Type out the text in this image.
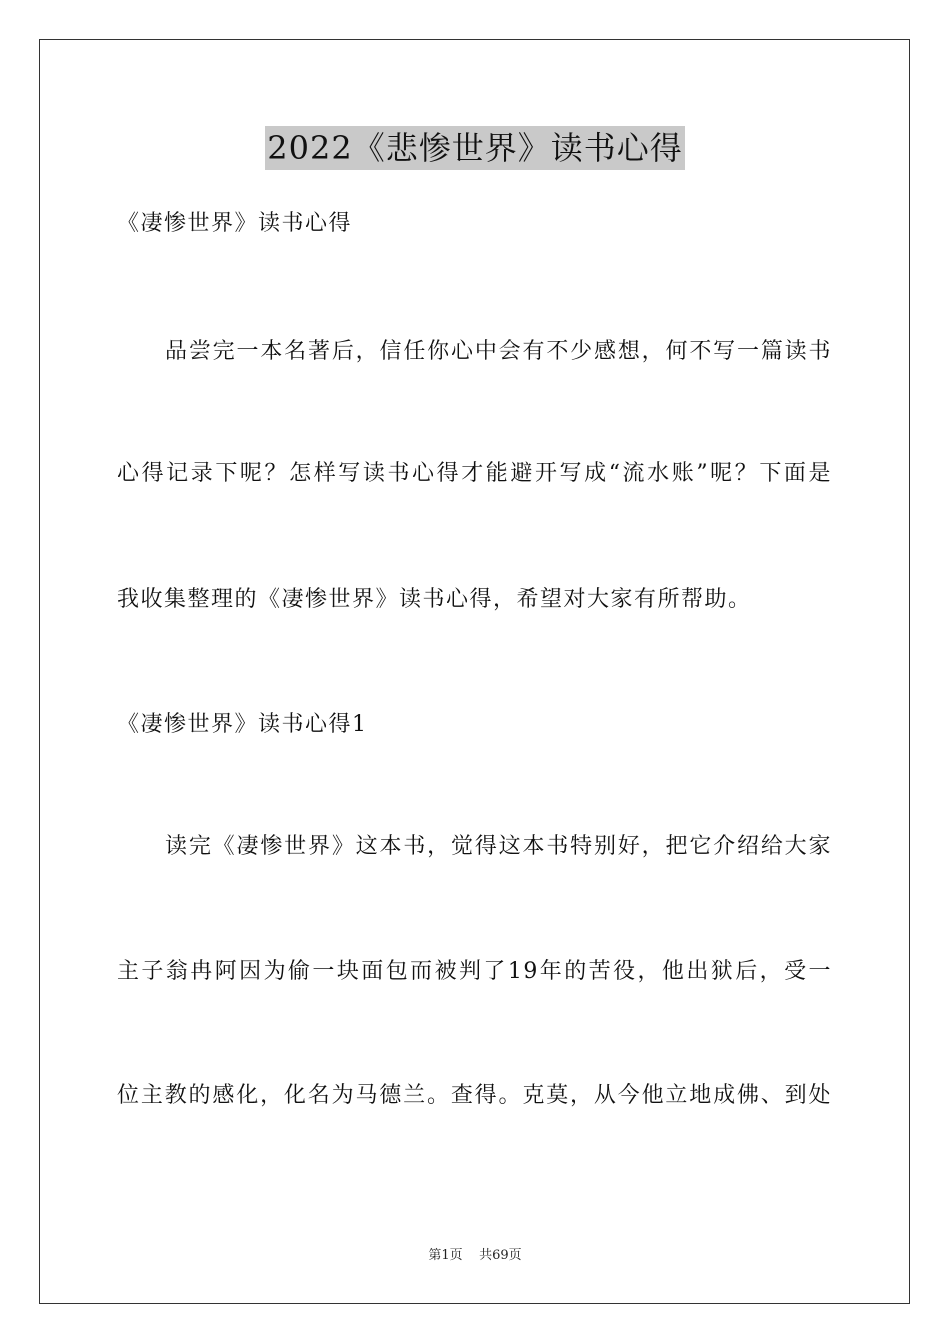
2022《悲惨世界》读书心得
《凄惨世界》读书心得
品尝完一本名著后，信任你心中会有不少感想，何不写一篇读书
心得记录下呢？怎样写读书心得才能避开写成“流水账”呢？下面是
我收集整理的《凄惨世界》读书心得，希望对大家有所帮助。
《凄惨世界》读书心得1
读完《凄惨世界》这本书，觉得这本书特别好，把它介绍给大家
主子翁冉阿因为偷一块面包而被判了19年的苦役，他出狱后，受一
位主教的感化，化名为马德兰。查得。克莫，从今他立地成佛、到处
第1页 共69页
